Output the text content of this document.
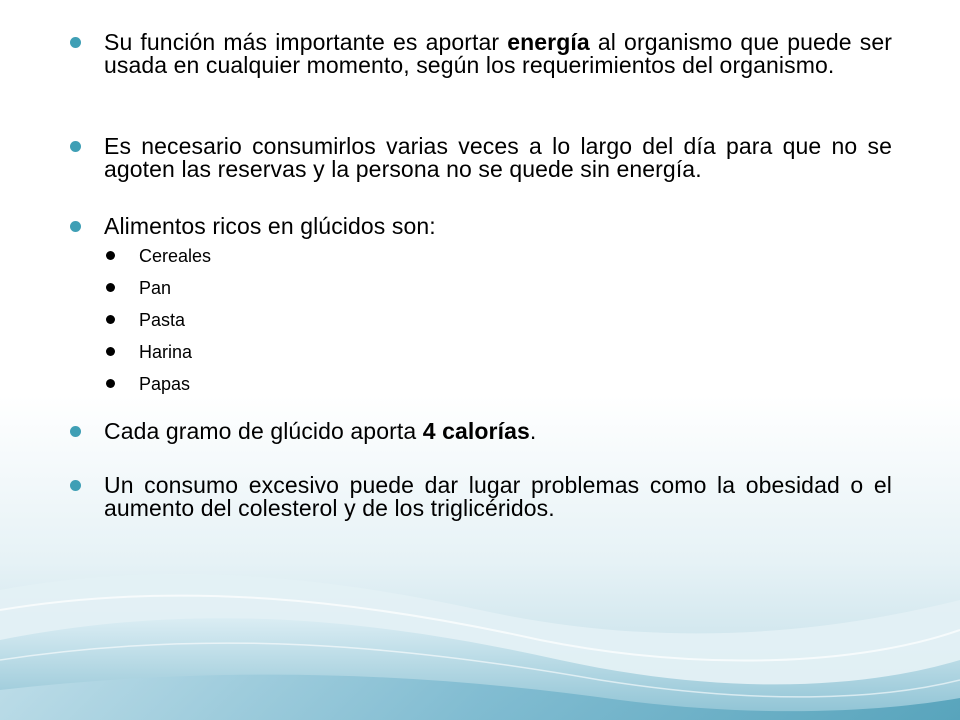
Su función más importante es aportar energía al organismo que puede ser usada en cualquier momento, según los requerimientos del organismo.
Es necesario consumirlos varias veces a lo largo del día para que no se agoten las reservas y la persona no se quede sin energía.
Alimentos ricos en glúcidos son:
Cereales
Pan
Pasta
Harina
Papas
Cada gramo de glúcido aporta 4 calorías.
Un consumo excesivo puede dar lugar problemas como la obesidad o el aumento del colesterol y de los triglicéridos.
